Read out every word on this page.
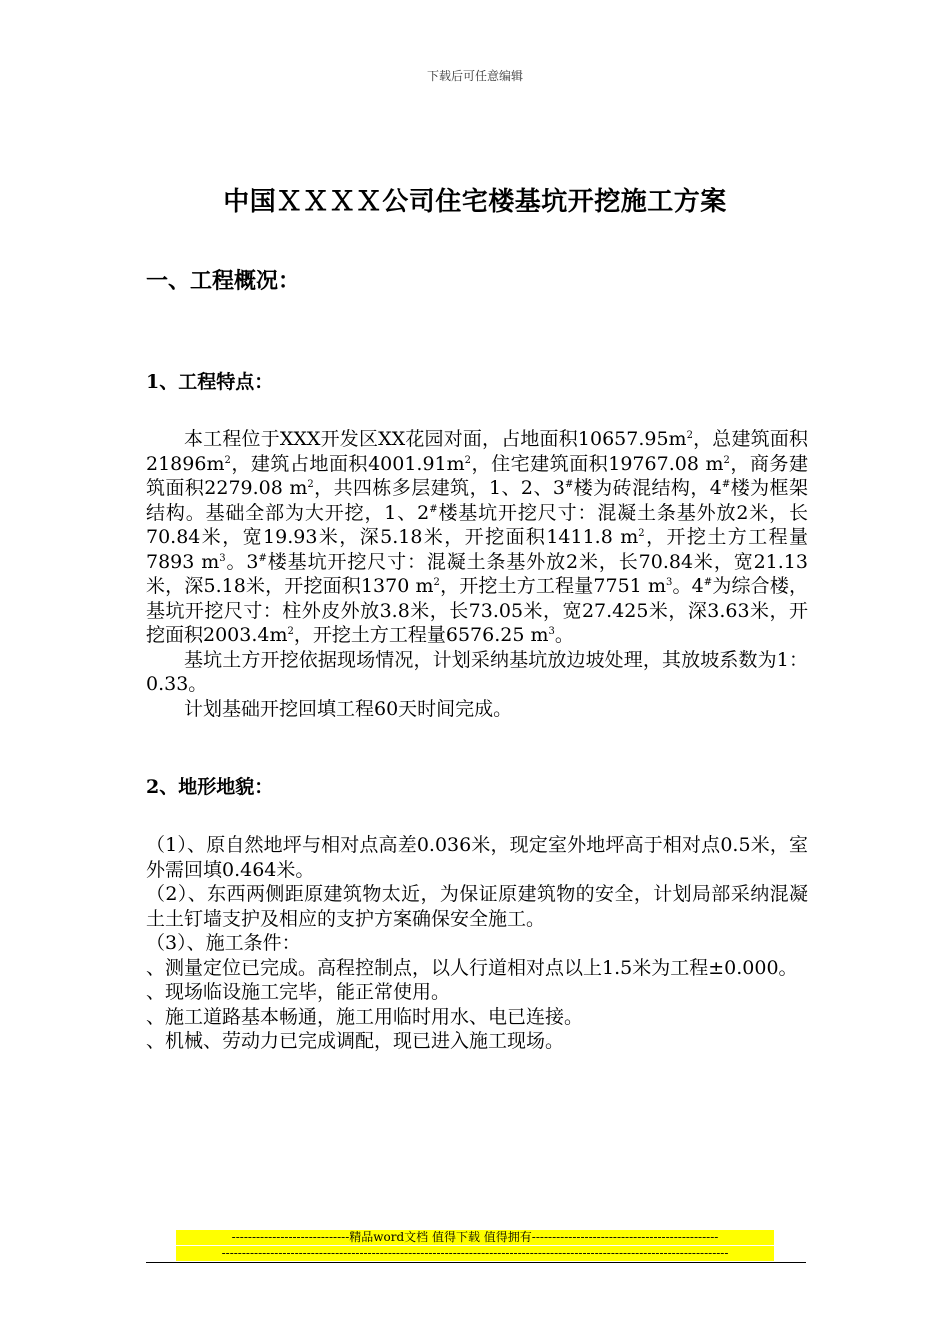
下载后可任意编辑
中国ＸＸＸＸ公司住宅楼基坑开挖施工方案
一、工程概况：
1、工程特点：

本工程位于XXX开发区XX花园对面，占地面积$10657.95m^2$，总建筑面积$21896m^2$，建筑占地面积$4001.91m^2$，住宅建筑面积19767.08 $m^2$，商务建筑面积2279.08 $m^2$，共四栋多层建筑，1、2、3#楼为砖混结构，4#楼为框架结构。基础全部为大开挖，1、2#楼基坑开挖尺寸：混凝土条基外放2米，长70.84米，宽19.93米，深5.18米，开挖面积1411.8 $m^2$，开挖土方工程量7893 $m^3$。3#楼基坑开挖尺寸：混凝土条基外放2米，长70.84米，宽21.13米，深5.18米，开挖面积1370 $m^2$，开挖土方工程量7751 $m^3$。4#为综合楼，基坑开挖尺寸：柱外皮外放3.8米，长73.05米，宽27.425米，深3.63米，开挖面积$2003.4m^2$，开挖土方工程量6576.25 $m^3$。

基坑土方开挖依据现场情况，计划采纳基坑放边坡处理，其放坡系数为1：0.33。

计划基础开挖回填工程60天时间完成。

2、地形地貌：

（1）、原自然地坪与相对点高差0.036米，现定室外地坪高于相对点0.5米，室外需回填0.464米。

（2）、东西两侧距原建筑物太近，为保证原建筑物的安全，计划局部采纳混凝土土钉墙支护及相应的支护方案确保安全施工。

（3）、施工条件：

、测量定位已完成。高程控制点，以人行道相对点以上1.5米为工程±0.000。

、现场临设施工完毕，能正常使用。

、施工道路基本畅通，施工用临时用水、电已连接。

、机械、劳动力已完成调配，现已进入施工现场。

-----------------------------精品word文档 值得下载 值得拥有----------------------------------------------
-----------------------------------------------------------------------------------------------------------------------------
